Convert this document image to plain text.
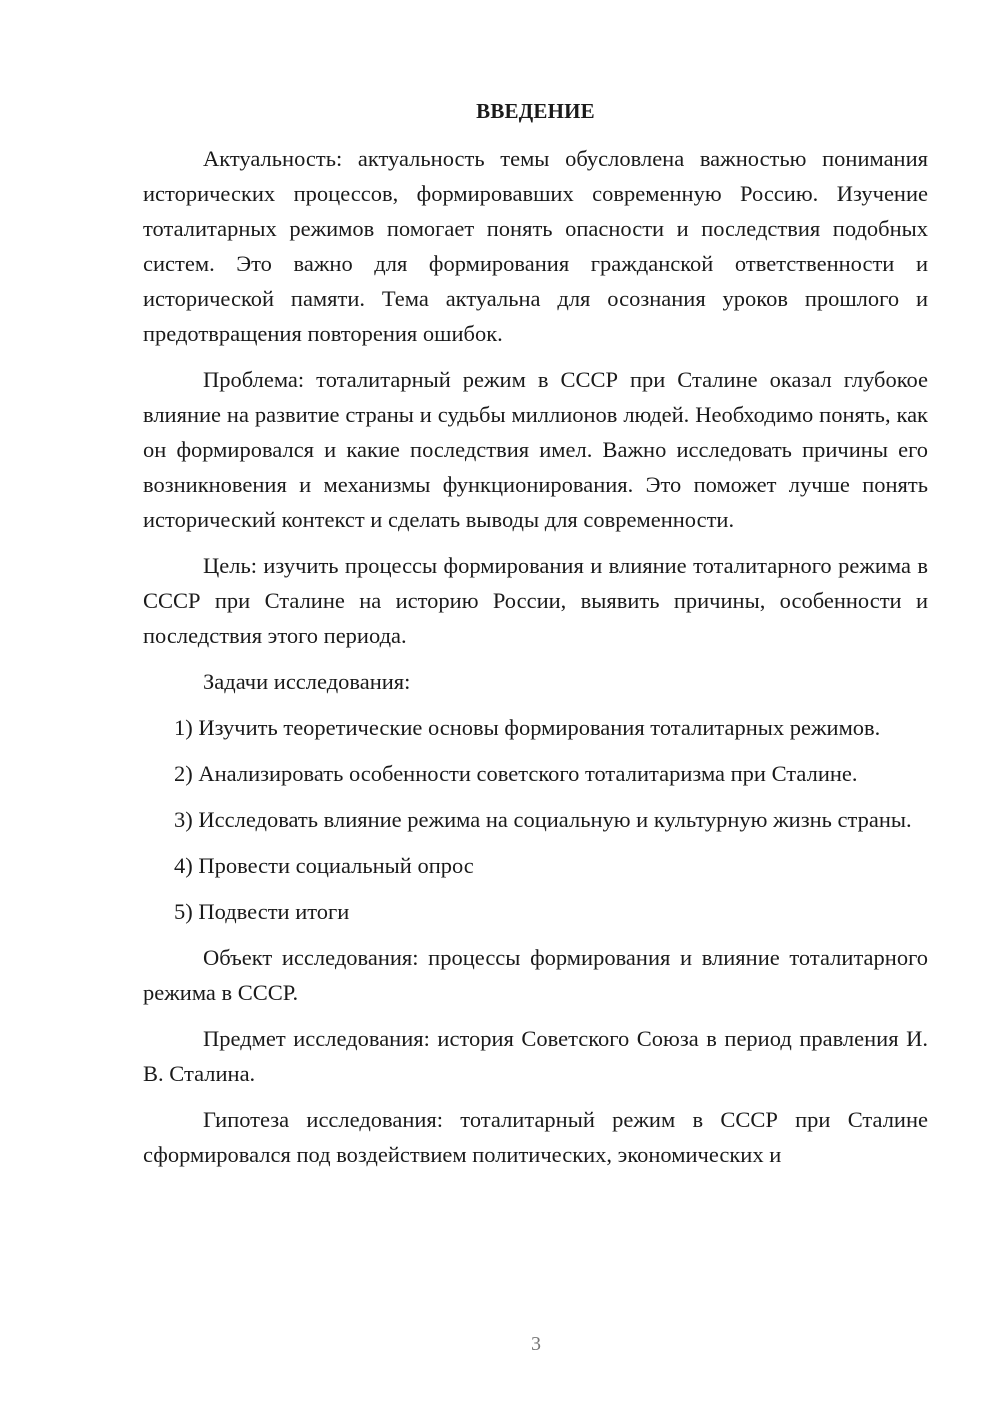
ВВЕДЕНИЕ

Актуальность: актуальность темы обусловлена важностью понимания исторических процессов, формировавших современную Россию. Изучение тоталитарных режимов помогает понять опасности и последствия подобных систем. Это важно для формирования гражданской ответственности и исторической памяти. Тема актуальна для осознания уроков прошлого и предотвращения повторения ошибок.

Проблема: тоталитарный режим в СССР при Сталине оказал глубокое влияние на развитие страны и судьбы миллионов людей. Необходимо понять, как он формировался и какие последствия имел. Важно исследовать причины его возникновения и механизмы функционирования. Это поможет лучше понять исторический контекст и сделать выводы для современности.

Цель: изучить процессы формирования и влияние тоталитарного режима в СССР при Сталине на историю России, выявить причины, особенности и последствия этого периода.

Задачи исследования:

1) Изучить теоретические основы формирования тоталитарных режимов.

2) Анализировать особенности советского тоталитаризма при Сталине.

3) Исследовать влияние режима на социальную и культурную жизнь страны.

4) Провести социальный опрос

5) Подвести итоги

Объект исследования: процессы формирования и влияние тоталитарного режима в СССР.

Предмет исследования: история Советского Союза в период правления И. В. Сталина.

Гипотеза исследования: тоталитарный режим в СССР при Сталине сформировался под воздействием политических, экономических и

3
